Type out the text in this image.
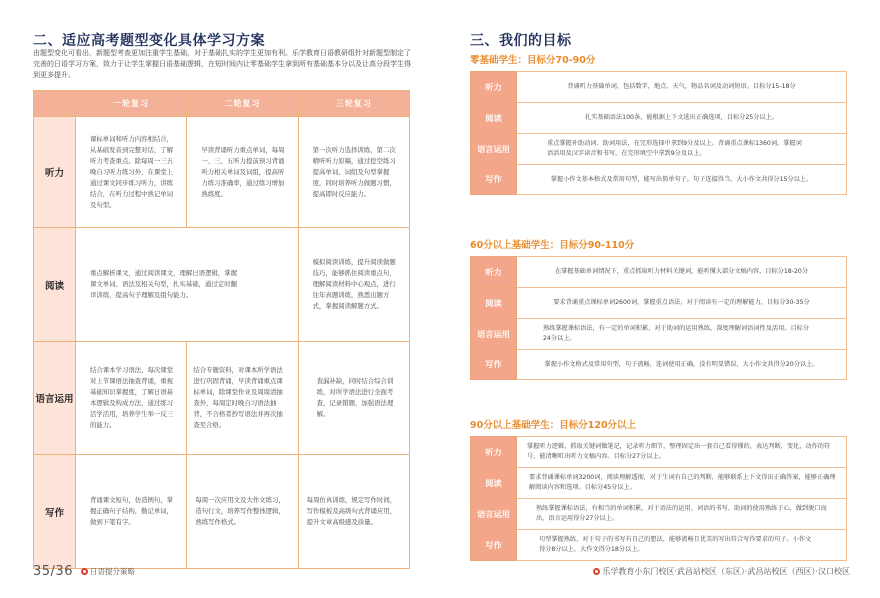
二、适应高考题型变化具体学习方案

由题型变化可看出，新题型考查更加注重学生基础，对于基础扎实的学生更加有利。乐学教育日语教研组针对新题型制定了完善的日语学习方案，致力于让学生掌握日语基础逻辑，在短时间内让零基础学生拿到所有基础基本分以及让高分段学生得到更多提升。

	一轮复习	二轮复习	三轮复习
听力	课标单词和听力内容相结合，从基础发音到完整对话，了解听力考查重点。除每周一三五晚自习听力练习外，在课堂上通过课文同步练习听力，讲练结合，在听力过程中熟记单词及句型。	早读背诵听力重点单词，每周一、三、五听力提前预习背诵听力相关单词及词组，提高听力练习准确率，通过练习增加熟练度。	第一次听力选择训练，第二次精听听力原稿，通过挖空练习提高单词、词组及句型掌握度，同时培养听力做题习惯，提高即时反应能力。
阅读	重点解析课文，通过阅读课文，理解日语逻辑，掌握课文单词、语法及相关句型，扎实基础，通过定时翻译训练，提高句子理解及组句能力。		模拟阅读训练，提升阅读做题技巧，能够抓住阅读重点句，理解阅读材料中心观点，进行往年真题训练，熟悉出题方式，掌握阅读解题方式。
语言运用	结合课本学习语法，每次课堂对上节课语法抽查背诵，重视基础知识掌握度，了解日语基本逻辑及构成方法，通过练习活学活用，培养学生举一反三的能力。	结合专题资料，对课本所学语法进行巩固背诵，早读背诵重点课标单词，除课堂作业及周周清抽查外，每周定时晚自习语法抽背，不合格者抄写语法并再次抽查至合格。	查漏补缺，同时结合综合训练，对所学语法进行全面考查，记录错题，加强语法理解。
写作	背诵课文短句，仿造例句，掌握正确句子结构，勤记单词，做到下笔有字。	每周一次应用文及大作文练习，造句行文，培养写作整体逻辑，熟练写作格式。	每周仿真训练，规定写作时间，写作模板及高级句式背诵应用，提升文章高级感及质量。
35/36 日语提分策略
三、我们的目标
零基础学生：目标分70-90分
听力	背诵听力基础单词，包括数字，地点，天气，物品名词及动词短语。目标分15-18分
阅读	扎实基础语法100条，能根据上下文选出正确选项，目标分25分以上。
语言运用	重点掌握补助动词、助词用法，在完形选择中拿到9分及以上。背诵重点课标1360词，掌握词语活用及汉字读音和书写，在完形填空中拿到9分及以上。
写作	掌握小作文基本格式及常用句型，能写出简单句子，句子连接得当，大小作文共得分15分以上。
60分以上基础学生：目标分90-110分
听力	在掌握基础单词情况下，重点抓取听力材料关键词，能听懂大部分文稿内容，目标分18-20分
阅读	要求背诵重点课标单词2600词，掌握重点语法，对于阅读有一定的理解能力，目标分30-35分
语言运用	熟练掌握课标语法，有一定的单词积累，对于助词的运用熟练，深度理解词语词性及活用。目标分24分以上。
写作	掌握小作文格式及常用句型，句子流畅，连词使用正确，没有明显错误，大小作文共得分20分以上。
90分以上基础学生：目标分120分以上
听力	掌握听力逻辑，抓取关键词做笔记，记录听力细节，整理固定出一套自己看得懂的，表达判断，变化，动作的符号，能清晰听出听力文稿内容。目标分27分以上。
阅读	要求背诵课标单词3200词，阅读理解透彻，对于生词有自己的判断，能够联系上下文得出正确答案，能够正确理解阅读内容和选项。目标分45分以上。
语言运用	熟练掌握课标语法，有相当的单词积累，对于语法的运用、词语的书写、助词的使用熟练于心，做到脱口而出，语言运用得分27分以上。
写作	句型掌握熟练，对于句子的书写有自己的想法，能够流畅且优美的写出符合写作要求的句子。小作文得分8分以上，大作文得分18分以上。
乐学教育小东门校区·武昌站校区（东区）·武昌站校区（西区）·汉口校区
